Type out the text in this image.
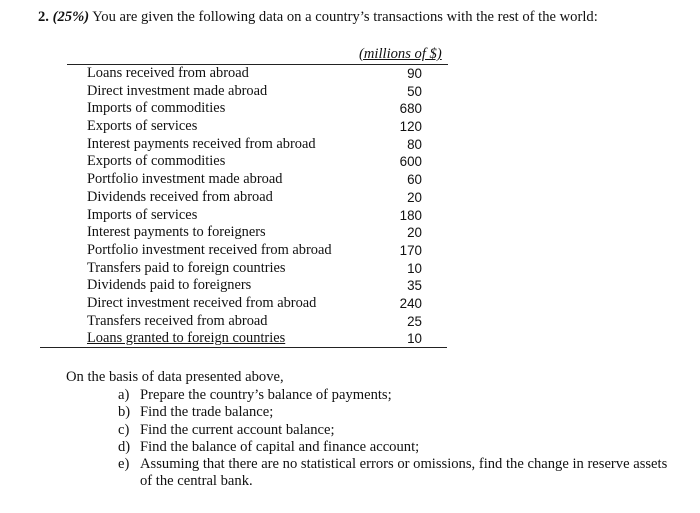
2. (25%) You are given the following data on a country’s transactions with the rest of the world:
(millions of $)
Loans received from abroad	90
Direct investment made abroad	50
Imports of commodities	680
Exports of services	120
Interest payments received from abroad	80
Exports of commodities	600
Portfolio investment made abroad	60
Dividends received from abroad	20
Imports of services	180
Interest payments to foreigners	20
Portfolio investment received from abroad	170
Transfers paid to foreign countries	10
Dividends paid to foreigners	35
Direct investment received from abroad	240
Transfers received from abroad	25
Loans granted to foreign countries	10
On the basis of data presented above,
a) Prepare the country’s balance of payments;
b) Find the trade balance;
c) Find the current account balance;
d) Find the balance of capital and finance account;
e) Assuming that there are no statistical errors or omissions, find the change in reserve assets of the central bank.
